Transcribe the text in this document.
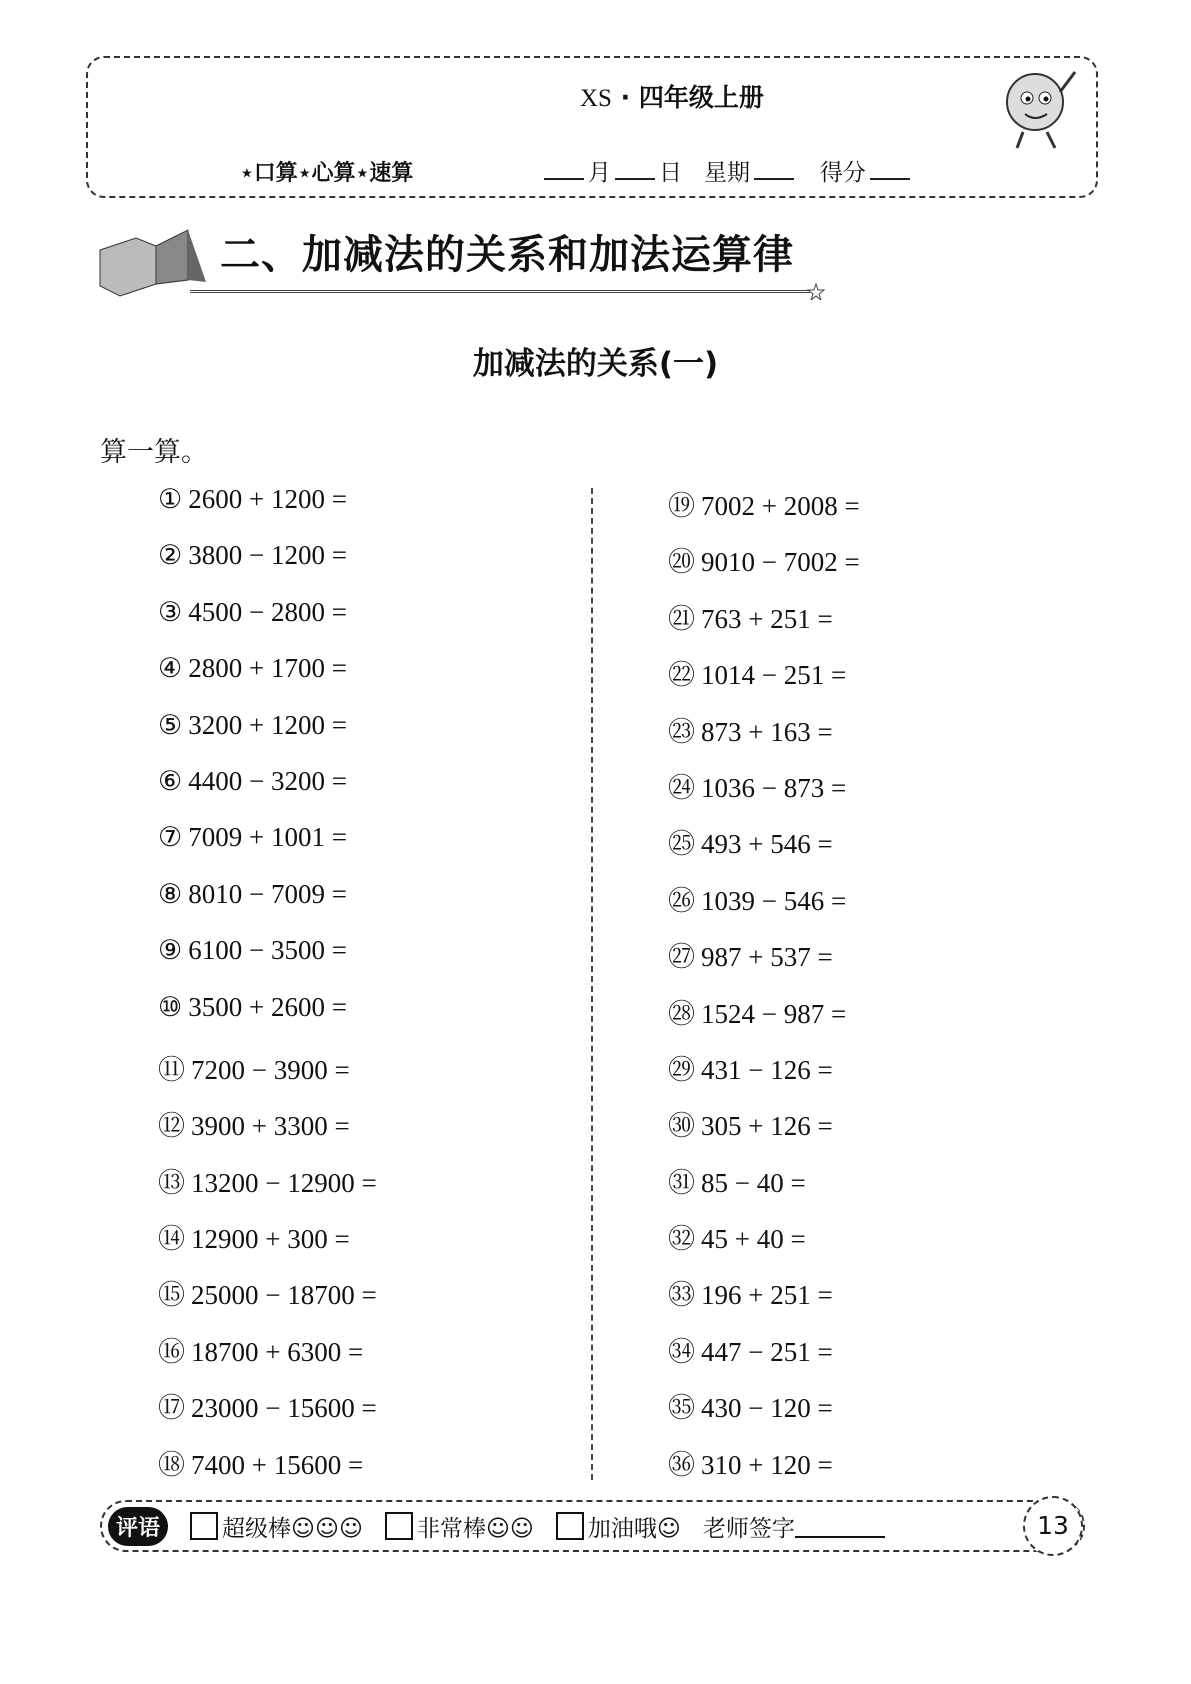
XS · 四年级上册
⋆口算⋆心算⋆速算	月 日 星期	得分
二、加减法的关系和加法运算律
加减法的关系(一)
算一算。
① 2600 + 1200 =
② 3800 − 1200 =
③ 4500 − 2800 =
④ 2800 + 1700 =
⑤ 3200 + 1200 =
⑥ 4400 − 3200 =
⑦ 7009 + 1001 =
⑧ 8010 − 7009 =
⑨ 6100 − 3500 =
⑩ 3500 + 2600 =
⑪ 7200 − 3900 =
⑫ 3900 + 3300 =
⑬ 13200 − 12900 =
⑭ 12900 + 300 =
⑮ 25000 − 18700 =
⑯ 18700 + 6300 =
⑰ 23000 − 15600 =
⑱ 7400 + 15600 =
⑲ 7002 + 2008 =
⑳ 9010 − 7002 =
㉑ 763 + 251 =
㉒ 1014 − 251 =
㉓ 873 + 163 =
㉔ 1036 − 873 =
㉕ 493 + 546 =
㉖ 1039 − 546 =
㉗ 987 + 537 =
㉘ 1524 − 987 =
㉙ 431 − 126 =
㉚ 305 + 126 =
㉛ 85 − 40 =
㉜ 45 + 40 =
㉝ 196 + 251 =
㉞ 447 − 251 =
㉟ 430 − 120 =
㊱ 310 + 120 =
评语	超级棒☺☺☺ 非常棒☺☺ 加油哦☺ 老师签字	13
